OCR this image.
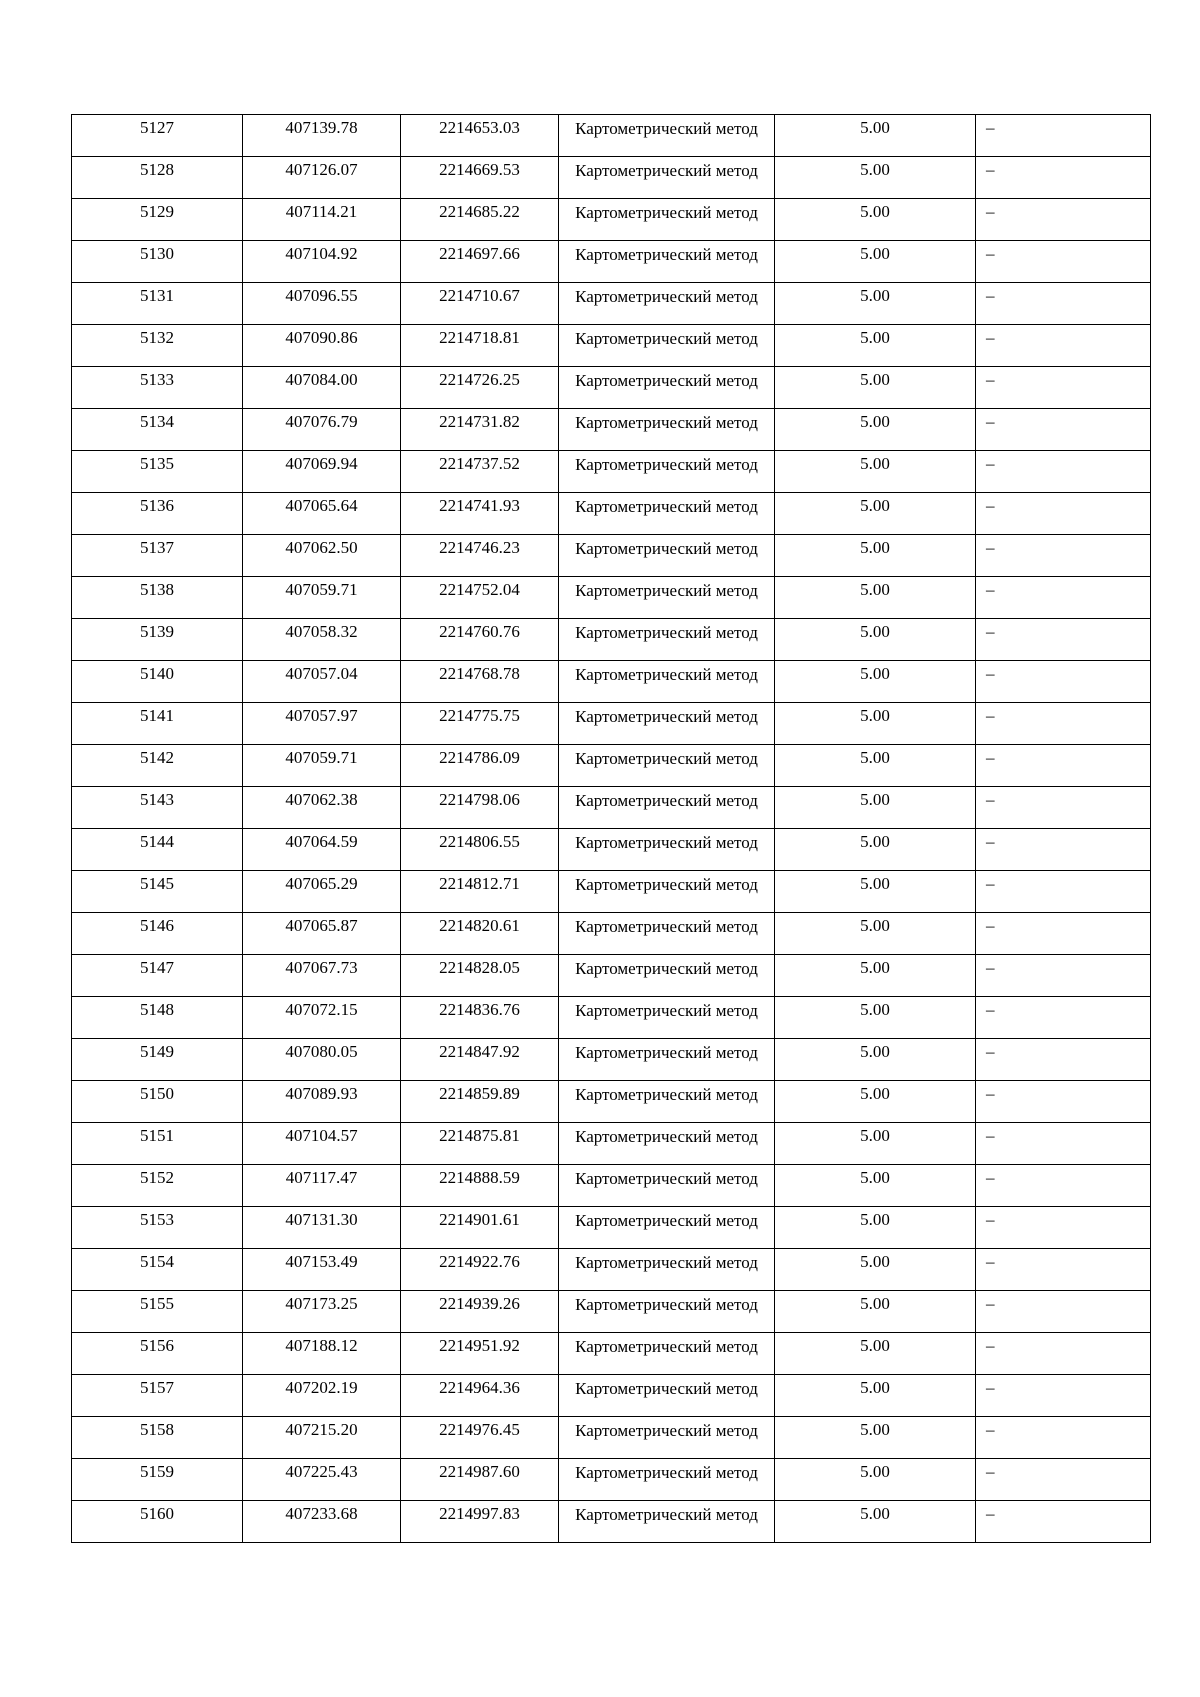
5127	407139.78	2214653.03	Картометрический метод	5.00	–

5128	407126.07	2214669.53	Картометрический метод	5.00	–

5129	407114.21	2214685.22	Картометрический метод	5.00	–

5130	407104.92	2214697.66	Картометрический метод	5.00	–

5131	407096.55	2214710.67	Картометрический метод	5.00	–

5132	407090.86	2214718.81	Картометрический метод	5.00	–

5133	407084.00	2214726.25	Картометрический метод	5.00	–

5134	407076.79	2214731.82	Картометрический метод	5.00	–

5135	407069.94	2214737.52	Картометрический метод	5.00	–

5136	407065.64	2214741.93	Картометрический метод	5.00	–

5137	407062.50	2214746.23	Картометрический метод	5.00	–

5138	407059.71	2214752.04	Картометрический метод	5.00	–

5139	407058.32	2214760.76	Картометрический метод	5.00	–

5140	407057.04	2214768.78	Картометрический метод	5.00	–

5141	407057.97	2214775.75	Картометрический метод	5.00	–

5142	407059.71	2214786.09	Картометрический метод	5.00	–

5143	407062.38	2214798.06	Картометрический метод	5.00	–

5144	407064.59	2214806.55	Картометрический метод	5.00	–

5145	407065.29	2214812.71	Картометрический метод	5.00	–

5146	407065.87	2214820.61	Картометрический метод	5.00	–

5147	407067.73	2214828.05	Картометрический метод	5.00	–

5148	407072.15	2214836.76	Картометрический метод	5.00	–

5149	407080.05	2214847.92	Картометрический метод	5.00	–

5150	407089.93	2214859.89	Картометрический метод	5.00	–

5151	407104.57	2214875.81	Картометрический метод	5.00	–

5152	407117.47	2214888.59	Картометрический метод	5.00	–

5153	407131.30	2214901.61	Картометрический метод	5.00	–

5154	407153.49	2214922.76	Картометрический метод	5.00	–

5155	407173.25	2214939.26	Картометрический метод	5.00	–

5156	407188.12	2214951.92	Картометрический метод	5.00	–

5157	407202.19	2214964.36	Картометрический метод	5.00	–

5158	407215.20	2214976.45	Картометрический метод	5.00	–

5159	407225.43	2214987.60	Картометрический метод	5.00	–

5160	407233.68	2214997.83	Картометрический метод	5.00	–
